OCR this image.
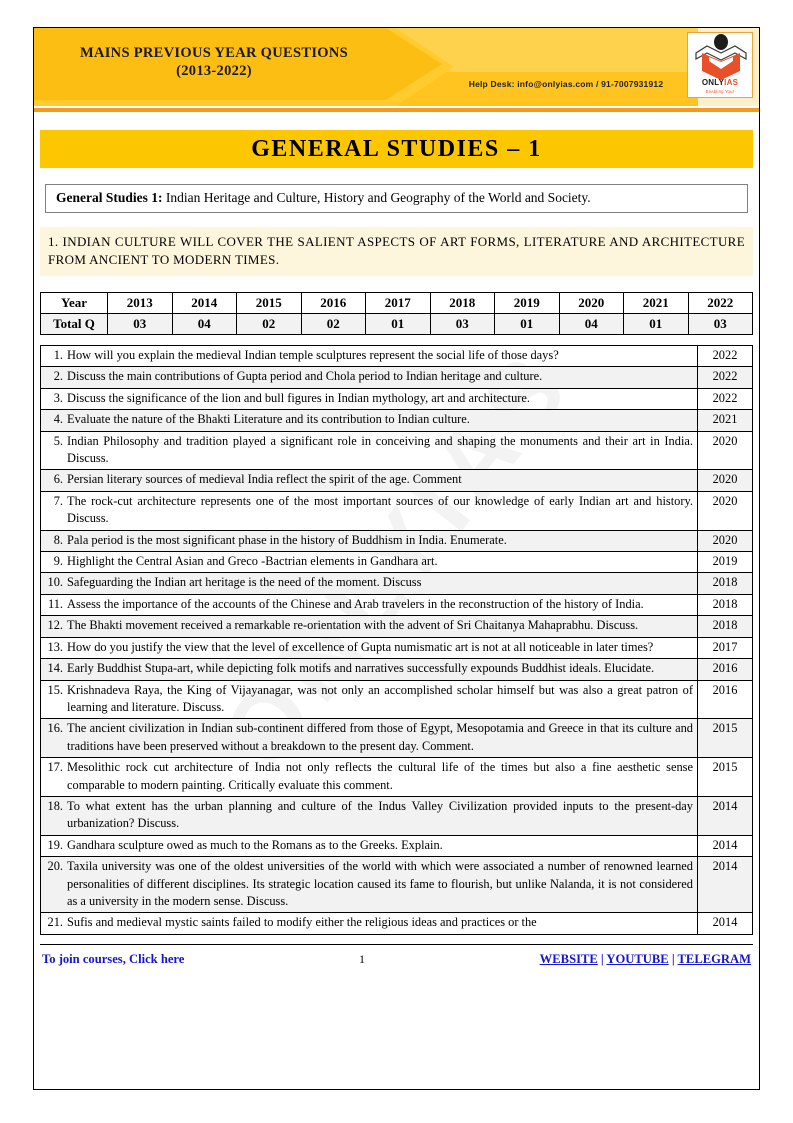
MAINS PREVIOUS YEAR QUESTIONS
(2013-2022)
Help Desk: info@onlyias.com / 91-7007931912	ONLYIAS
Enabling Your
GENERAL STUDIES – 1
General Studies 1: Indian Heritage and Culture, History and Geography of the World and Society.
1. INDIAN CULTURE WILL COVER THE SALIENT ASPECTS OF ART FORMS, LITERATURE AND ARCHITECTURE FROM ANCIENT TO MODERN TIMES.
Year	2013	2014	2015	2016	2017	2018	2019	2020	2021	2022
Total Q	03	04	02	02	01	03	01	04	01	03
1. How will you explain the medieval Indian temple sculptures represent the social life of those days?	2022

2. Discuss the main contributions of Gupta period and Chola period to Indian heritage and culture.	2022

3. Discuss the significance of the lion and bull figures in Indian mythology, art and architecture.	2022

4. Evaluate the nature of the Bhakti Literature and its contribution to Indian culture.	2021

5. Indian Philosophy and tradition played a significant role in conceiving and shaping the monuments and their art in India. Discuss.	2020

6. Persian literary sources of medieval India reflect the spirit of the age. Comment	2020

7. The rock-cut architecture represents one of the most important sources of our knowledge of early Indian art and history. Discuss.	2020

8. Pala period is the most significant phase in the history of Buddhism in India. Enumerate.	2020

9. Highlight the Central Asian and Greco -Bactrian elements in Gandhara art.	2019

10. Safeguarding the Indian art heritage is the need of the moment. Discuss	2018

11. Assess the importance of the accounts of the Chinese and Arab travelers in the reconstruction of the history of India.	2018

12. The Bhakti movement received a remarkable re-orientation with the advent of Sri Chaitanya Mahaprabhu. Discuss.	2018

13. How do you justify the view that the level of excellence of Gupta numismatic art is not at all noticeable in later times?	2017

14. Early Buddhist Stupa-art, while depicting folk motifs and narratives successfully expounds Buddhist ideals. Elucidate.	2016

15. Krishnadeva Raya, the King of Vijayanagar, was not only an accomplished scholar himself but was also a great patron of learning and literature. Discuss.	2016

16. The ancient civilization in Indian sub-continent differed from those of Egypt, Mesopotamia and Greece in that its culture and traditions have been preserved without a breakdown to the present day. Comment.	2015

17. Mesolithic rock cut architecture of India not only reflects the cultural life of the times but also a fine aesthetic sense comparable to modern painting. Critically evaluate this comment.	2015

18. To what extent has the urban planning and culture of the Indus Valley Civilization provided inputs to the present-day urbanization? Discuss.	2014

19. Gandhara sculpture owed as much to the Romans as to the Greeks. Explain.	2014

20. Taxila university was one of the oldest universities of the world with which were associated a number of renowned learned personalities of different disciplines. Its strategic location caused its fame to flourish, but unlike Nalanda, it is not considered as a university in the modern sense. Discuss.	2014

21. Sufis and medieval mystic saints failed to modify either the religious ideas and practices or the	2014
To join courses, Click here	1	WEBSITE | YOUTUBE | TELEGRAM
